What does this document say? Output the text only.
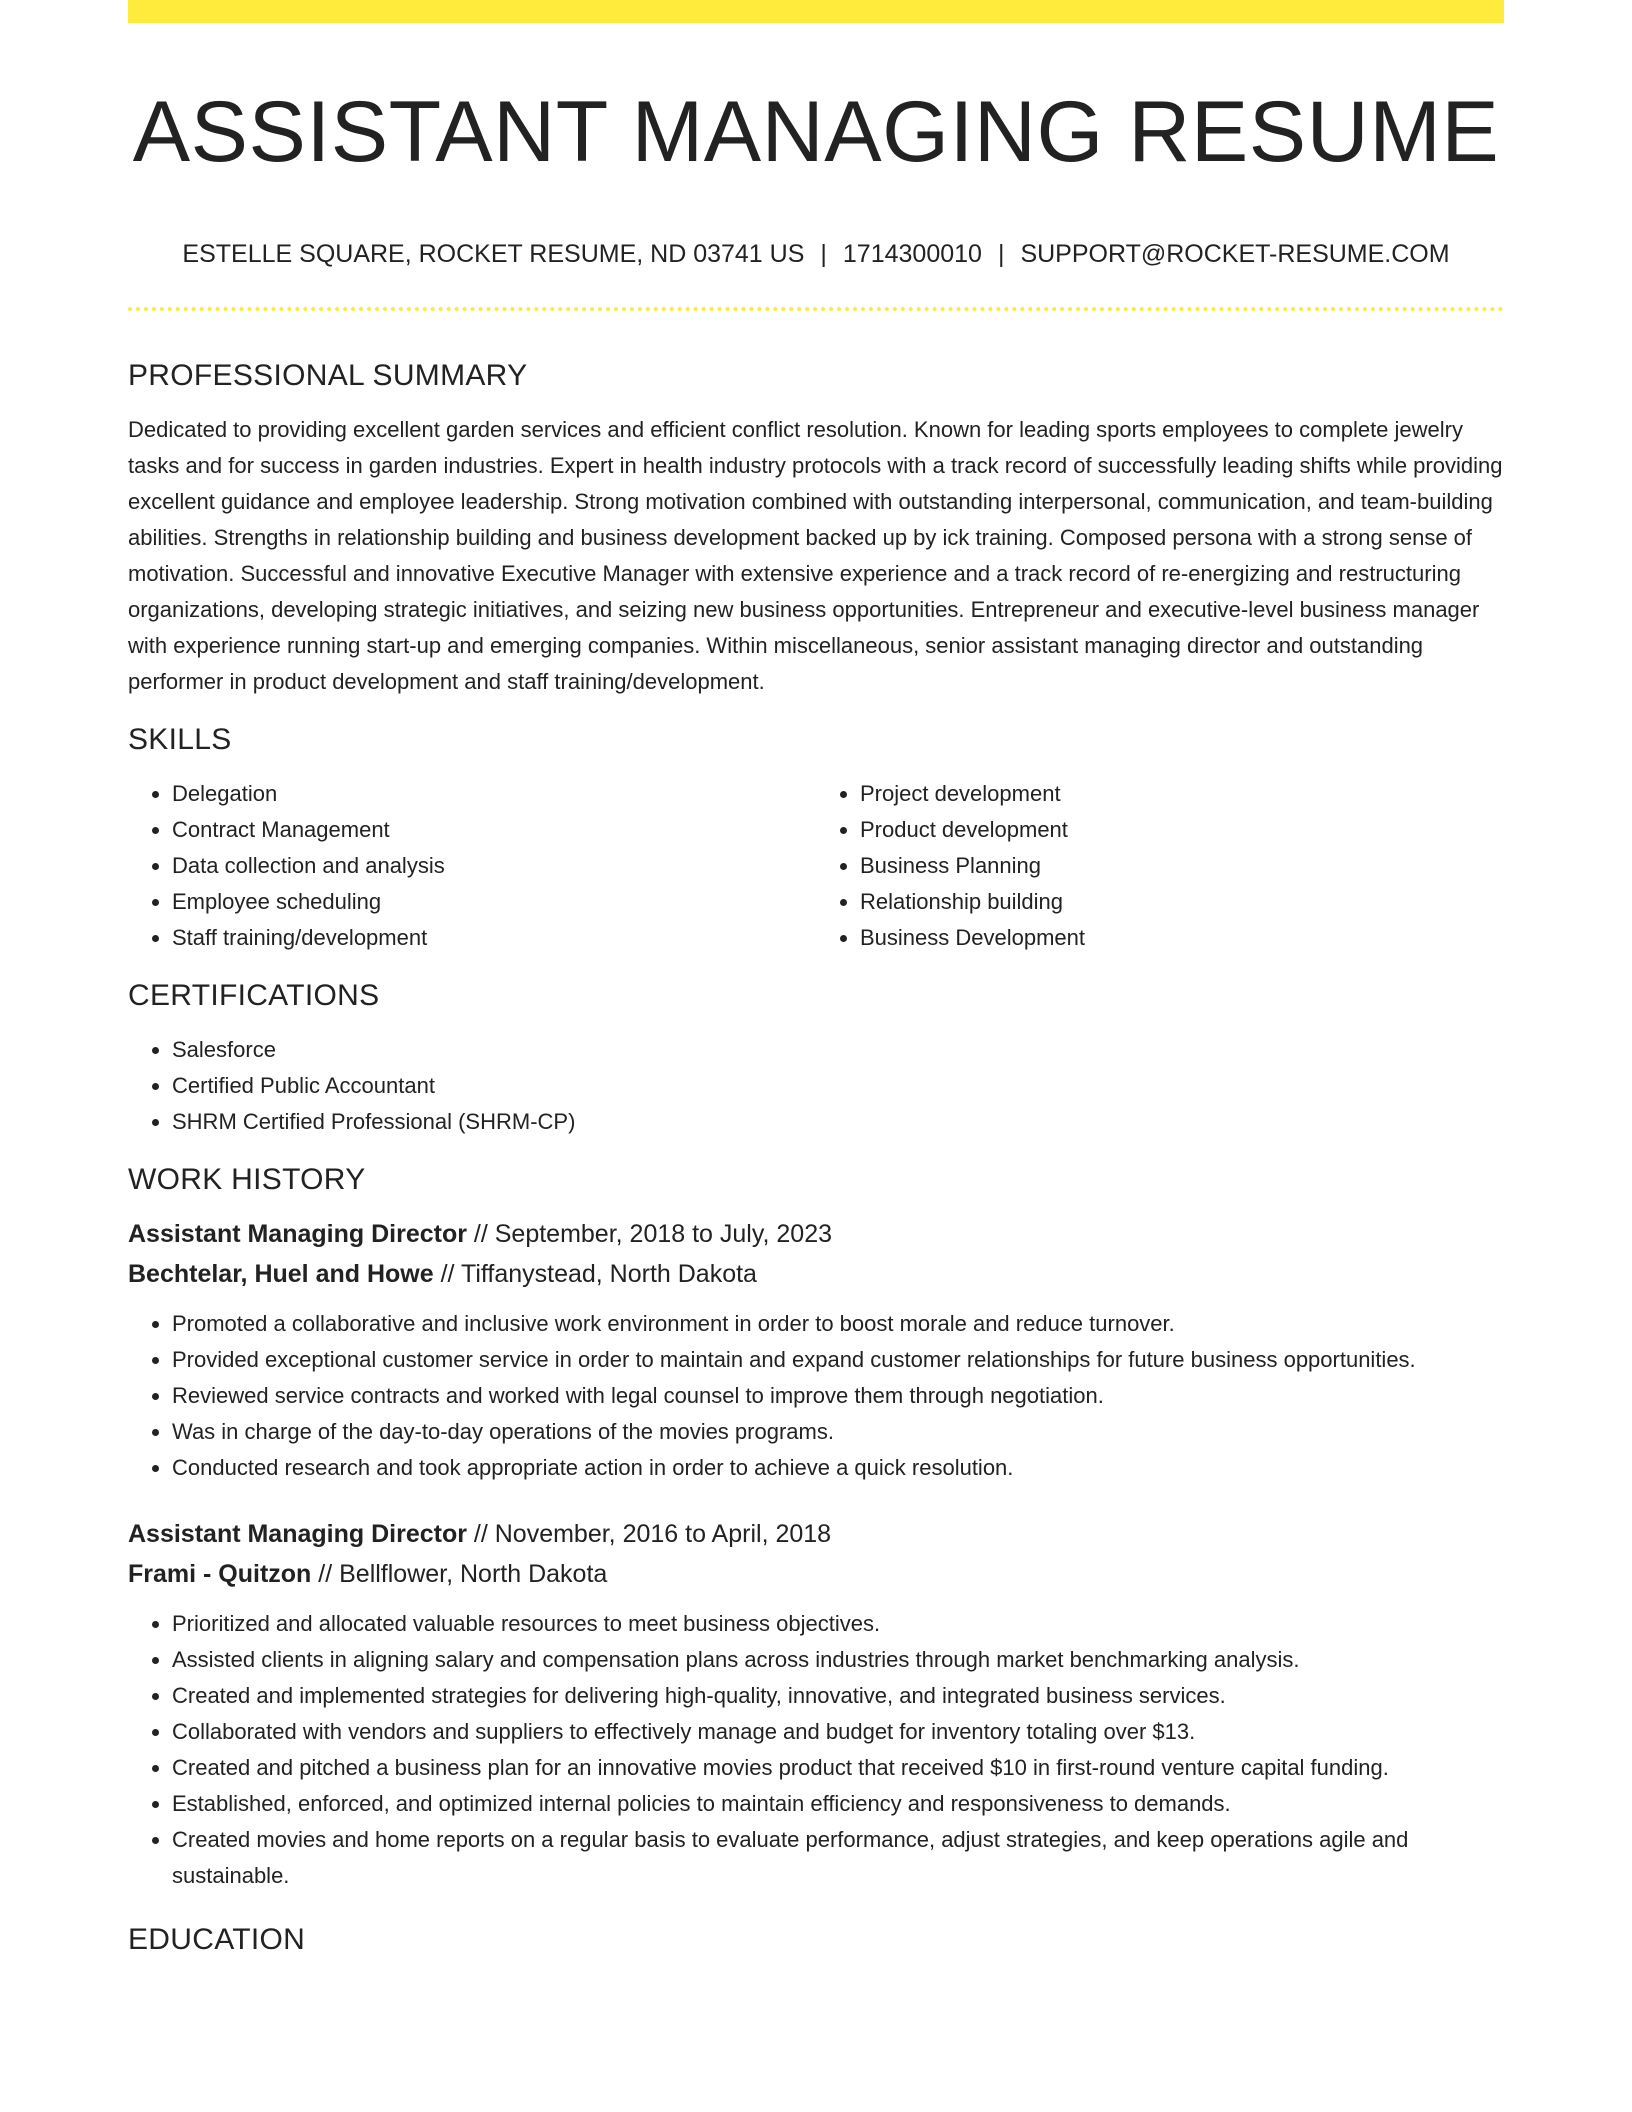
ASSISTANT MANAGING RESUME
ESTELLE SQUARE, ROCKET RESUME, ND 03741 US | 1714300010 | SUPPORT@ROCKET-RESUME.COM
PROFESSIONAL SUMMARY

Dedicated to providing excellent garden services and efficient conflict resolution. Known for leading sports employees to complete jewelry tasks and for success in garden industries. Expert in health industry protocols with a track record of successfully leading shifts while providing excellent guidance and employee leadership. Strong motivation combined with outstanding interpersonal, communication, and team-building abilities. Strengths in relationship building and business development backed up by ick training. Composed persona with a strong sense of motivation. Successful and innovative Executive Manager with extensive experience and a track record of re-energizing and restructuring organizations, developing strategic initiatives, and seizing new business opportunities. Entrepreneur and executive-level business manager with experience running start-up and emerging companies. Within miscellaneous, senior assistant managing director and outstanding performer in product development and staff training/development.

SKILLS
• Delegation
• Contract Management
• Data collection and analysis
• Employee scheduling
• Staff training/development
• Project development
• Product development
• Business Planning
• Relationship building
• Business Development
CERTIFICATIONS
• Salesforce
• Certified Public Accountant
• SHRM Certified Professional (SHRM-CP)
WORK HISTORY
Assistant Managing Director // September, 2018 to July, 2023
Bechtelar, Huel and Howe // Tiffanystead, North Dakota
• Promoted a collaborative and inclusive work environment in order to boost morale and reduce turnover.
• Provided exceptional customer service in order to maintain and expand customer relationships for future business opportunities.
• Reviewed service contracts and worked with legal counsel to improve them through negotiation.
• Was in charge of the day-to-day operations of the movies programs.
• Conducted research and took appropriate action in order to achieve a quick resolution.
Assistant Managing Director // November, 2016 to April, 2018
Frami - Quitzon // Bellflower, North Dakota
• Prioritized and allocated valuable resources to meet business objectives.
• Assisted clients in aligning salary and compensation plans across industries through market benchmarking analysis.
• Created and implemented strategies for delivering high-quality, innovative, and integrated business services.
• Collaborated with vendors and suppliers to effectively manage and budget for inventory totaling over $13.
• Created and pitched a business plan for an innovative movies product that received $10 in first-round venture capital funding.
• Established, enforced, and optimized internal policies to maintain efficiency and responsiveness to demands.
• Created movies and home reports on a regular basis to evaluate performance, adjust strategies, and keep operations agile and sustainable.
EDUCATION
